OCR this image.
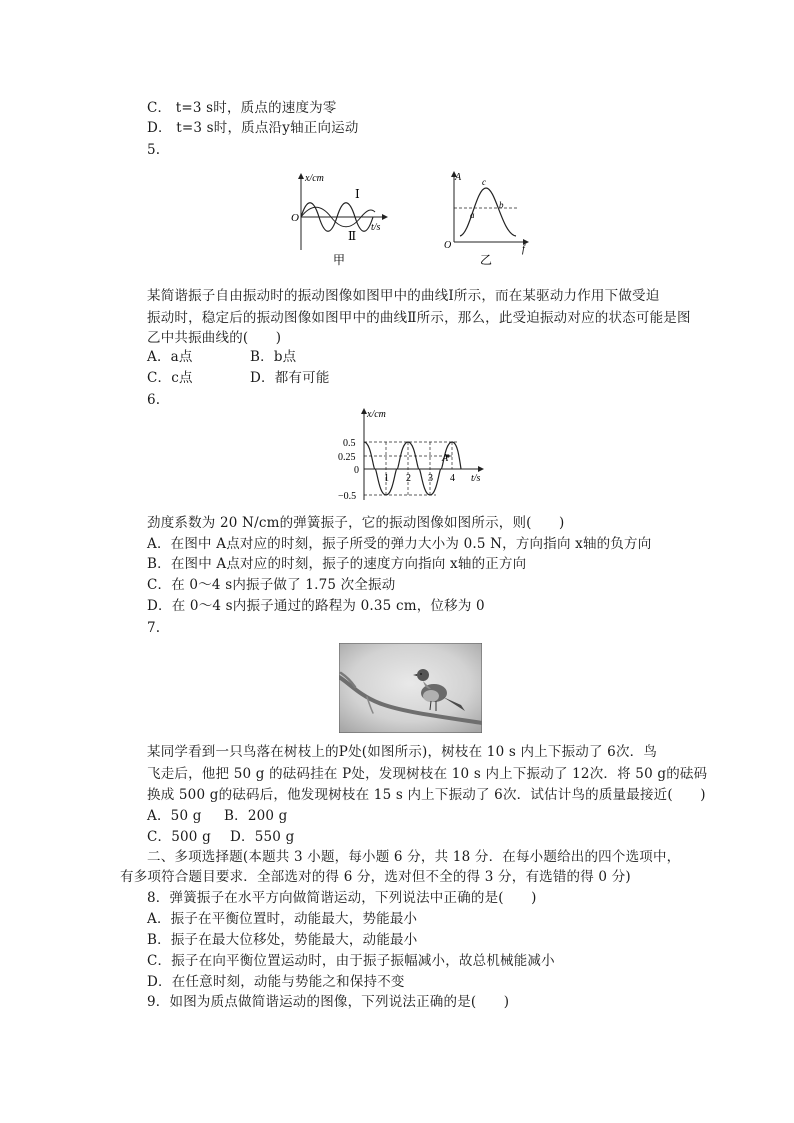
C． t=3 s时，质点的速度为零
D． t=3 s时，质点沿y轴正向运动
5.
x/cm
t/s
O
Ⅰ
Ⅱ
甲
A
f
O
a
b
c
乙
某简谐振子自由振动时的振动图像如图甲中的曲线Ⅰ所示，而在某驱动力作用下做受迫
振动时，稳定后的振动图像如图甲中的曲线Ⅱ所示，那么，此受迫振动对应的状态可能是图
乙中共振曲线的(　　)
A．a点	B．b点
C．c点	D．都有可能
6.
A
x/cm
t/s
0.5
0.25
0
−0.5
1 2 3 4
劲度系数为 20 N/cm的弹簧振子，它的振动图像如图所示，则(　　)
A．在图中 A点对应的时刻，振子所受的弹力大小为 0.5 N，方向指向 x轴的负方向
B．在图中 A点对应的时刻，振子的速度方向指向 x轴的正方向
C．在 0～4 s内振子做了 1.75 次全振动
D．在 0～4 s内振子通过的路程为 0.35 cm，位移为 0
7.
某同学看到一只鸟落在树枝上的P处(如图所示)，树枝在 10 s 内上下振动了 6次．鸟
飞走后，他把 50 g 的砝码挂在 P处，发现树枝在 10 s 内上下振动了 12次．将 50 g的砝码
换成 500 g的砝码后，他发现树枝在 15 s 内上下振动了 6次．试估计鸟的质量最接近(　　)
A．50 g B．200 g
C．500 g D．550 g
二、多项选择题(本题共 3 小题，每小题 6 分，共 18 分．在每小题给出的四个选项中，
有多项符合题目要求．全部选对的得 6 分，选对但不全的得 3 分，有选错的得 0 分)
8．弹簧振子在水平方向做简谐运动，下列说法中正确的是(　　)
A．振子在平衡位置时，动能最大，势能最小
B．振子在最大位移处，势能最大，动能最小
C．振子在向平衡位置运动时，由于振子振幅减小，故总机械能减小
D．在任意时刻，动能与势能之和保持不变
9．如图为质点做简谐运动的图像，下列说法正确的是(　　)
